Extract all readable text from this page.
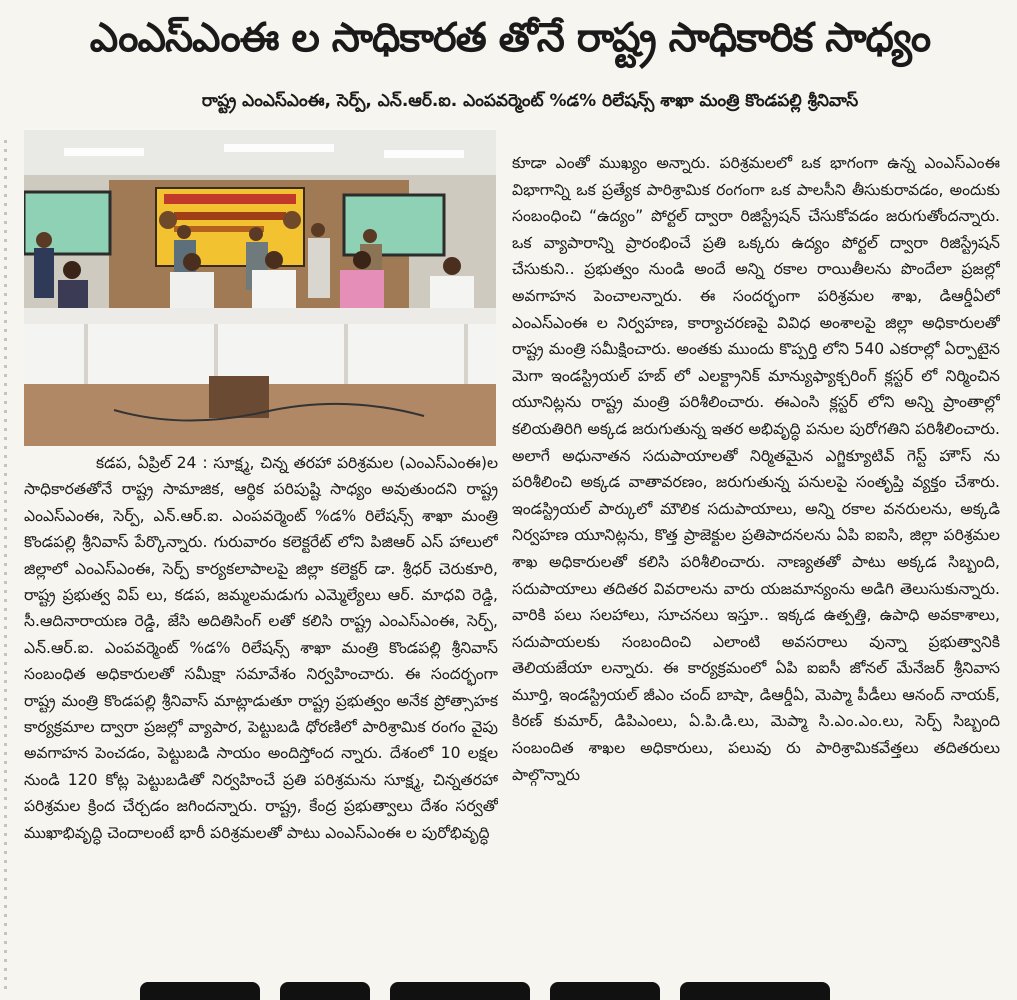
ఎంఎస్ఎంఈ ల సాధికారత తోనే రాష్ట్ర సాధికారిక సాధ్యం
రాష్ట్ర ఎంఎస్ఎంఈ, సెర్ప్, ఎన్.ఆర్.ఐ. ఎంపవర్మెంట్ %డ% రిలేషన్స్ శాఖా మంత్రి కొండపల్లి శ్రీనివాస్

కడప, ఏప్రిల్ 24 : సూక్ష్మ, చిన్న తరహా పరిశ్రమల (ఎంఎస్ఎంఈ)ల సాధికారతతోనే రాష్ట్ర సామాజిక, ఆర్థిక పరిపుష్టి సాధ్యం అవుతుందని రాష్ట్ర ఎంఎస్ఎంఈ, సెర్ప్, ఎన్.ఆర్.ఐ. ఎంపవర్మెంట్ %డ% రిలేషన్స్ శాఖా మంత్రి కొండపల్లి శ్రీనివాస్ పేర్కొన్నారు. గురువారం కలెక్టరేట్ లోని పిజిఆర్ ఎస్ హాలులో జిల్లాలో ఎంఎస్ఎంఈ, సెర్ప్ కార్యకలాపాలపై జిల్లా కలెక్టర్ డా. శ్రీధర్ చెరుకూరి, రాష్ట్ర ప్రభుత్వ విప్ లు, కడప, జమ్మలమడుగు ఎమ్మెల్యేలు ఆర్. మాధవి రెడ్డి, సీ.ఆదినారాయణ రెడ్డి, జేసి అదితిసింగ్ లతో కలిసి రాష్ట్ర ఎంఎస్ఎంఈ, సెర్ప్, ఎన్.ఆర్.ఐ. ఎంపవర్మెంట్ %డ% రిలేషన్స్ శాఖా మంత్రి కొండపల్లి శ్రీనివాస్ సంబంధిత అధికారులతో సమీక్షా సమావేశం నిర్వహించారు. ఈ సందర్భంగా రాష్ట్ర మంత్రి కొండపల్లి శ్రీనివాస్ మాట్లాడుతూ రాష్ట్ర ప్రభుత్వం అనేక ప్రోత్సాహక కార్యక్రమాల ద్వారా ప్రజల్లో వ్యాపార, పెట్టుబడి ధోరణిలో పారిశ్రామిక రంగం వైపు అవగాహన పెంచడం, పెట్టుబడి సాయం అందిస్తోంద న్నారు. దేశంలో 10 లక్షల నుండి 120 కోట్ల పెట్టుబడితో నిర్వహించే ప్రతి పరిశ్రమను సూక్ష్మ, చిన్నతరహా పరిశ్రమల క్రింద చేర్చడం జగిందన్నారు. రాష్ట్ర, కేంద్ర ప్రభుత్వాలు దేశం సర్వతో ముఖాభివృద్ధి చెందాలంటే భారీ పరిశ్రమలతో పాటు ఎంఎస్ఎంఈ ల పురోభివృద్ధి

కూడా ఎంతో ముఖ్యం అన్నారు. పరిశ్రమలలో ఒక భాగంగా ఉన్న ఎంఎస్ఎంఈ విభాగాన్ని ఒక ప్రత్యేక పారిశ్రామిక రంగంగా ఒక పాలసీని తీసుకురావడం, అందుకు సంబంధించి “ఉద్యం” పోర్టల్ ద్వారా రిజిస్ట్రేషన్ చేసుకోవడం జరుగుతోందన్నారు. ఒక వ్యాపారాన్ని ప్రారంభించే ప్రతి ఒక్కరు ఉద్యం పోర్టల్ ద్వారా రిజిస్ట్రేషన్ చేసుకుని.. ప్రభుత్వం నుండి అందే అన్ని రకాల రాయితీలను పొందేలా ప్రజల్లో అవగాహన పెంచాలన్నారు. ఈ సందర్భంగా పరిశ్రమల శాఖ, డిఆర్డీఏలో ఎంఎస్ఎంఈ ల నిర్వహణ, కార్యాచరణపై వివిధ అంశాలపై జిల్లా అధికారులతో రాష్ట్ర మంత్రి సమీక్షించారు. అంతకు ముందు కొప్పర్తి లోని 540 ఎకరాల్లో ఏర్పాటైన మెగా ఇండస్ట్రియల్ హబ్ లో ఎలక్ట్రానిక్ మాన్యుఫ్యాక్చరింగ్ క్లస్టర్ లో నిర్మించిన యూనిట్లను రాష్ట్ర మంత్రి పరిశీలించారు. ఈఎంసి క్లస్టర్ లోని అన్ని ప్రాంతాల్లో కలియతిరిగి అక్కడ జరుగుతున్న ఇతర అభివృద్ధి పనుల పురోగతిని పరిశీలించారు. అలాగే అధునాతన సదుపాయాలతో నిర్మితమైన ఎగ్జిక్యూటివ్ గెస్ట్ హౌస్ ను పరిశీలించి అక్కడ వాతావరణం, జరుగుతున్న పనులపై సంతృప్తి వ్యక్తం చేశారు. ఇండస్ట్రియల్ పార్కులో మౌలిక సదుపాయాలు, అన్ని రకాల వనరులను, అక్కడి నిర్వహణ యూనిట్లను, కొత్త ప్రాజెక్టుల ప్రతిపాదనలను ఏపి ఐఐసి, జిల్లా పరిశ్రమల శాఖ అధికారులతో కలిసి పరిశీలించారు. నాణ్యతతో పాటు అక్కడ సిబ్బంది, సదుపాయాలు తదితర వివరాలను వారు యజమాన్యంను అడిగి తెలుసుకున్నారు. వారికి పలు సలహాలు, సూచనలు ఇస్తూ.. ఇక్కడ ఉత్పత్తి, ఉపాధి అవకాశాలు, సదుపాయలకు సంబందించి ఎలాంటి అవసరాలు వున్నా ప్రభుత్వానికి తెలియజేయా లన్నారు. ఈ కార్యక్రమంలో ఏపి ఐఐసీ జోనల్ మేనేజర్ శ్రీనివాస మూర్తి, ఇండస్ట్రియల్ జీఎం చంద్ బాషా, డిఆర్డీఏ, మెప్మా పీడీలు ఆనంద్ నాయక్, కిరణ్ కుమార్, డిపిఎంలు, ఏ.పి.డి.లు, మెప్మా సి.ఎం.ఎం.లు, సెర్ప్ సిబ్బంది సంబందిత శాఖల అధికారులు, పలువు రు పారిశ్రామికవేత్తలు తదితరులు పాల్గొన్నారు
